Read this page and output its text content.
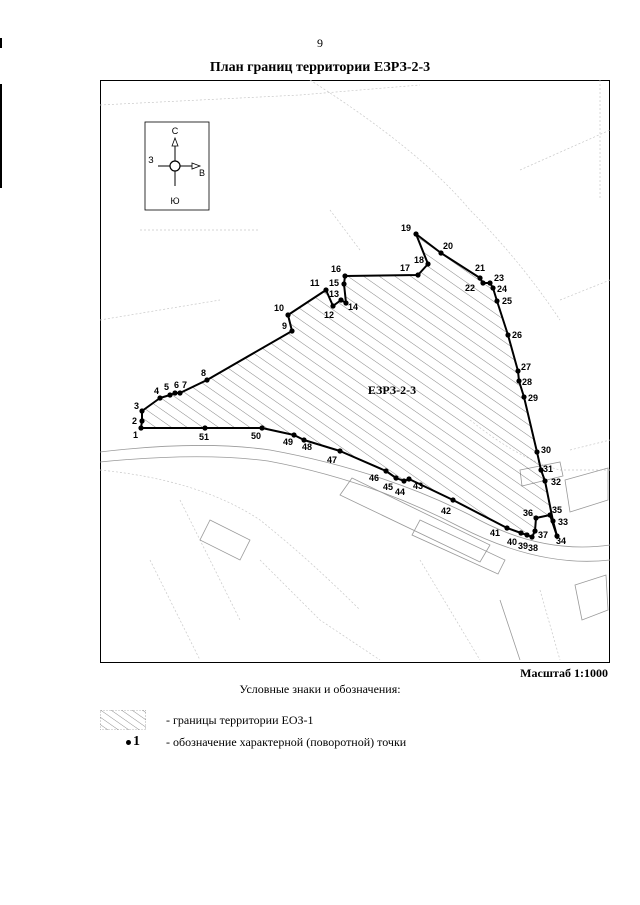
9
План границ территории ЕЗРЗ-2-3
ЕЗРЗ-2-3
С
Ю
З
В
1
2
3
4 5 6 7
8
9
10
11
12
13
14
15
16	17
18
19
20
21
22
23
24
25
26
27
28
29
30
31
32
33
34
35
36
37
38
39
40
41
42
43
44
45
46
47
48
49
50
51
Масштаб 1:1000
Условные знаки и обозначения:
- границы территории ЕОЗ-1
1 - обозначение характерной (поворотной) точки
